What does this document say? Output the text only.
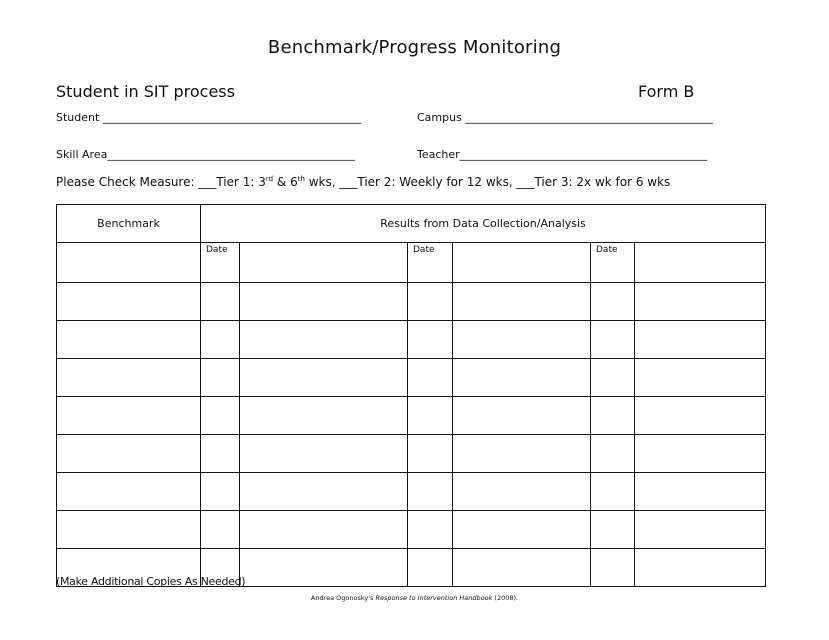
Benchmark/Progress Monitoring
Student in SIT process	Form B
Student _______________________________________________	Campus _____________________________________________
Skill Area_____________________________________________	Teacher_____________________________________________
Please Check Measure: ___Tier 1: 3rd & 6th wks, ___Tier 2: Weekly for 12 wks, ___Tier 3: 2x wk for 6 wks
Benchmark	Results from Data Collection/Analysis					
	Date		Date		Date	

(Make Additional Copies As Needed)
Andrea Ogonosky's Response to Intervention Handbook (2008).
